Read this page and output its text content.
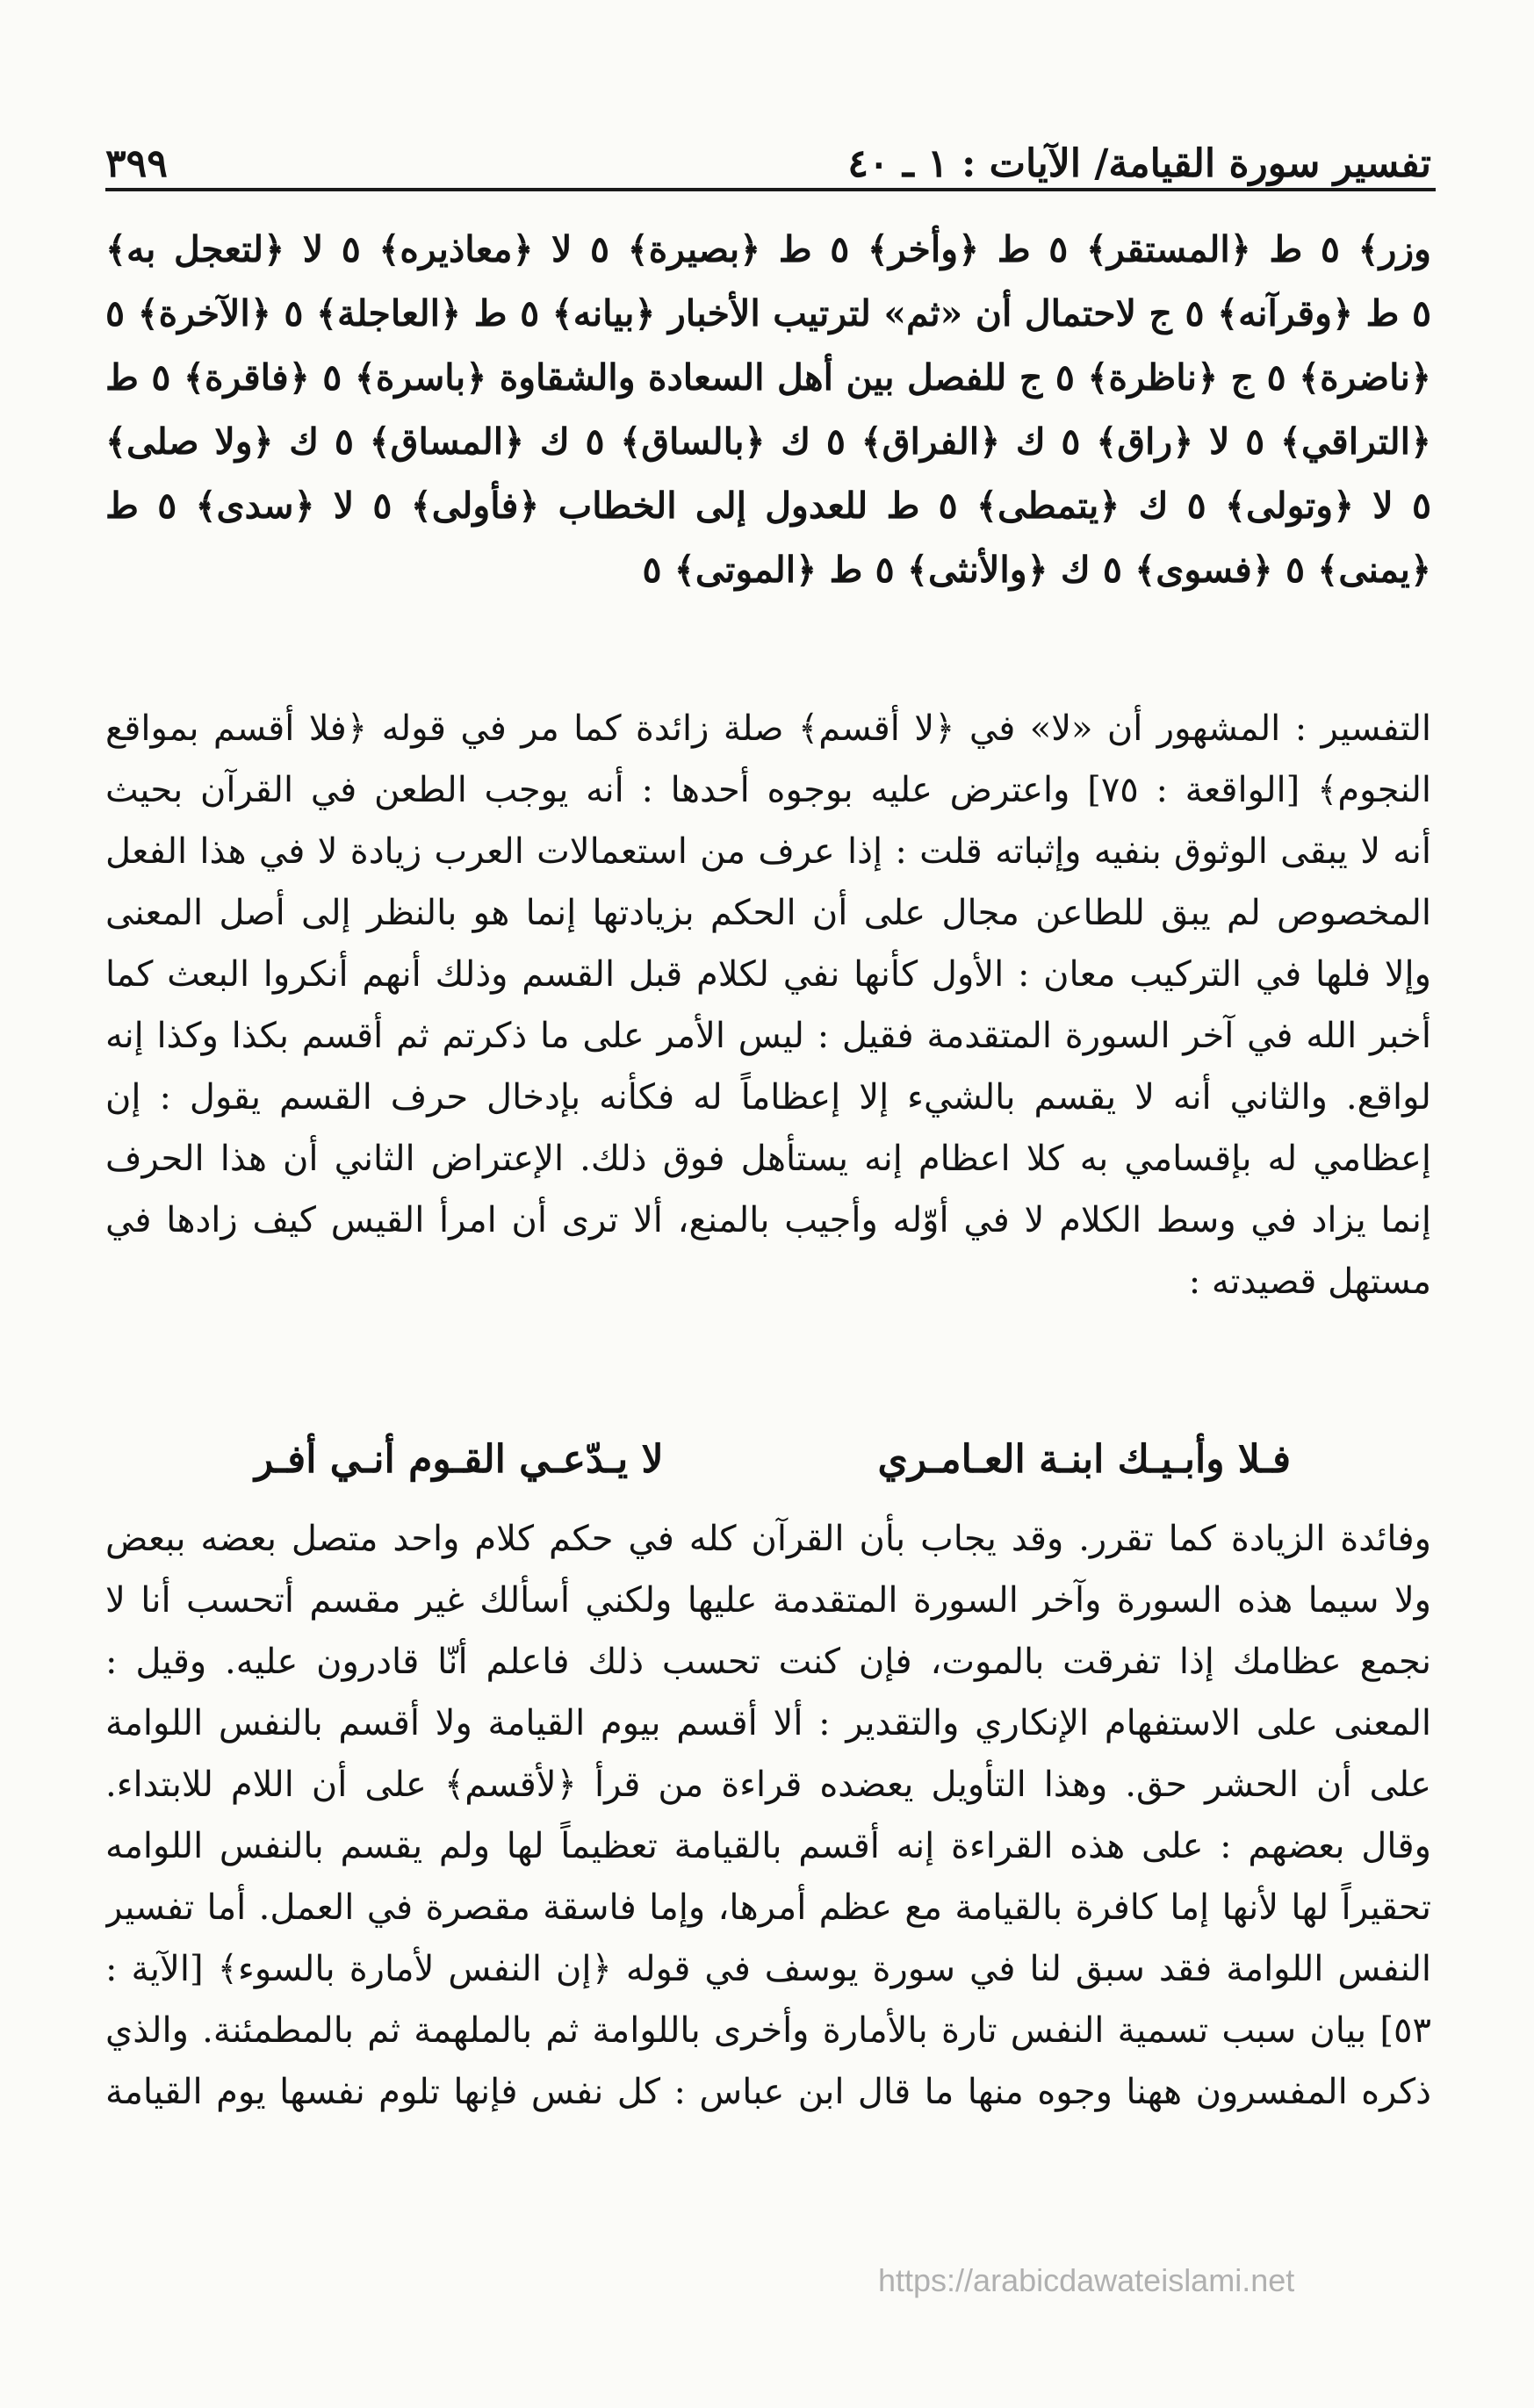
تفسير سورة القيامة/ الآيات : ١ ـ ٤٠
٣٩٩
وزر﴾ ٥ ط ﴿المستقر﴾ ٥ ط ﴿وأخر﴾ ٥ ط ﴿بصيرة﴾ ٥ لا ﴿معاذيره﴾ ٥ لا ﴿لتعجل به﴾
٥ ط ﴿وقرآنه﴾ ٥ ج لاحتمال أن «ثم» لترتيب الأخبار ﴿بيانه﴾ ٥ ط ﴿العاجلة﴾ ٥ ﴿الآخرة﴾ ٥
﴿ناضرة﴾ ٥ ج ﴿ناظرة﴾ ٥ ج للفصل بين أهل السعادة والشقاوة ﴿باسرة﴾ ٥ ﴿فاقرة﴾ ٥ ط
﴿التراقي﴾ ٥ لا ﴿راق﴾ ٥ ك ﴿الفراق﴾ ٥ ك ﴿بالساق﴾ ٥ ك ﴿المساق﴾ ٥ ك ﴿ولا صلى﴾
٥ لا ﴿وتولى﴾ ٥ ك ﴿يتمطى﴾ ٥ ط للعدول إلى الخطاب ﴿فأولى﴾ ٥ لا ﴿سدى﴾ ٥ ط
﴿يمنى﴾ ٥ ﴿فسوى﴾ ٥ ك ﴿والأنثى﴾ ٥ ط ﴿الموتى﴾ ٥
التفسير : المشهور أن «لا» في ﴿لا أقسم﴾ صلة زائدة كما مر في قوله ﴿فلا أقسم بمواقع
النجوم﴾ [الواقعة : ٧٥] واعترض عليه بوجوه أحدها : أنه يوجب الطعن في القرآن بحيث
أنه لا يبقى الوثوق بنفيه وإثباته قلت : إذا عرف من استعمالات العرب زيادة لا في هذا الفعل
المخصوص لم يبق للطاعن مجال على أن الحكم بزيادتها إنما هو بالنظر إلى أصل المعنى
وإلا فلها في التركيب معان : الأول كأنها نفي لكلام قبل القسم وذلك أنهم أنكروا البعث كما
أخبر الله في آخر السورة المتقدمة فقيل : ليس الأمر على ما ذكرتم ثم أقسم بكذا وكذا إنه
لواقع. والثاني أنه لا يقسم بالشيء إلا إعظاماً له فكأنه بإدخال حرف القسم يقول : إن
إعظامي له بإقسامي به كلا اعظام إنه يستأهل فوق ذلك. الإعتراض الثاني أن هذا الحرف
إنما يزاد في وسط الكلام لا في أوّله وأجيب بالمنع، ألا ترى أن امرأ القيس كيف زادها في
مستهل قصيدته :
فـلا وأبـيـك ابنـة العـامـري
لا يـدّعـي القـوم أنـي أفـر
وفائدة الزيادة كما تقرر. وقد يجاب بأن القرآن كله في حكم كلام واحد متصل بعضه ببعض
ولا سيما هذه السورة وآخر السورة المتقدمة عليها ولكني أسألك غير مقسم أتحسب أنا لا
نجمع عظامك إذا تفرقت بالموت، فإن كنت تحسب ذلك فاعلم أنّا قادرون عليه. وقيل :
المعنى على الاستفهام الإنكاري والتقدير : ألا أقسم بيوم القيامة ولا أقسم بالنفس اللوامة
على أن الحشر حق. وهذا التأويل يعضده قراءة من قرأ ﴿لأقسم﴾ على أن اللام للابتداء.
وقال بعضهم : على هذه القراءة إنه أقسم بالقيامة تعظيماً لها ولم يقسم بالنفس اللوامه
تحقيراً لها لأنها إما كافرة بالقيامة مع عظم أمرها، وإما فاسقة مقصرة في العمل. أما تفسير
النفس اللوامة فقد سبق لنا في سورة يوسف في قوله ﴿إن النفس لأمارة بالسوء﴾ [الآية :
٥٣] بيان سبب تسمية النفس تارة بالأمارة وأخرى باللوامة ثم بالملهمة ثم بالمطمئنة. والذي
ذكره المفسرون ههنا وجوه منها ما قال ابن عباس : كل نفس فإنها تلوم نفسها يوم القيامة
https://arabicdawateislami.net
